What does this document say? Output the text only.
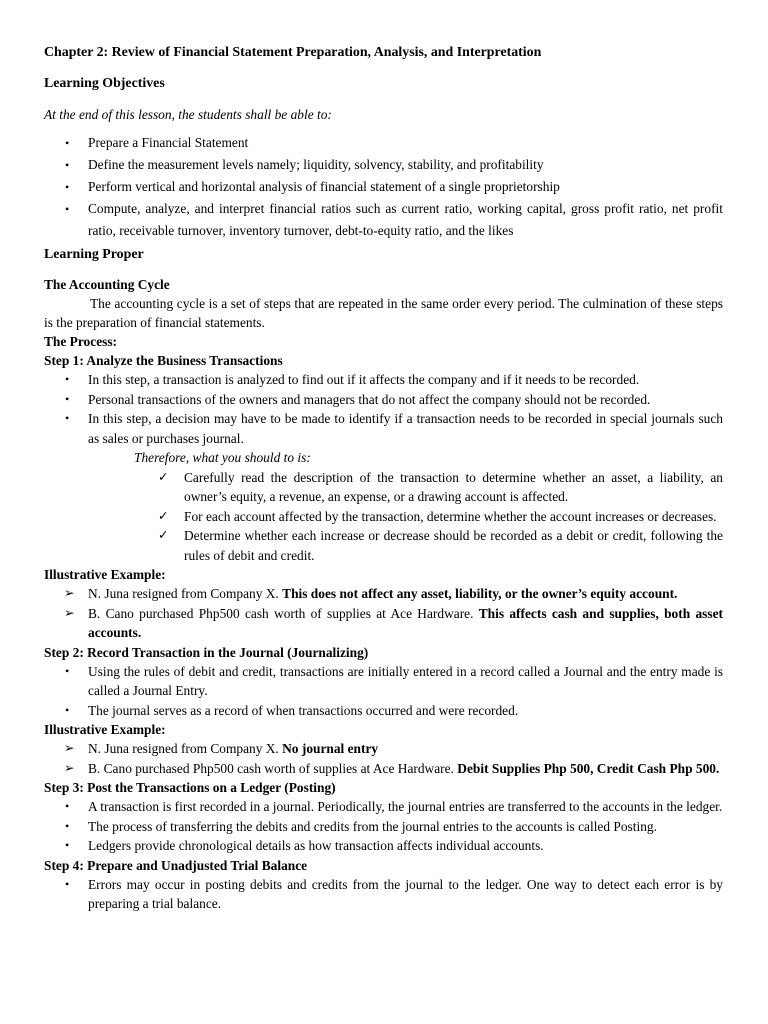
Chapter 2: Review of Financial Statement Preparation, Analysis, and Interpretation

Learning Objectives

At the end of this lesson, the students shall be able to:

• Prepare a Financial Statement
• Define the measurement levels namely; liquidity, solvency, stability, and profitability
• Perform vertical and horizontal analysis of financial statement of a single proprietorship
• Compute, analyze, and interpret financial ratios such as current ratio, working capital, gross profit ratio, net profit ratio, receivable turnover, inventory turnover, debt-to-equity ratio, and the likes

Learning Proper

The Accounting Cycle

The accounting cycle is a set of steps that are repeated in the same order every period. The culmination of these steps is the preparation of financial statements.

The Process:

Step 1: Analyze the Business Transactions

• In this step, a transaction is analyzed to find out if it affects the company and if it needs to be recorded.
• Personal transactions of the owners and managers that do not affect the company should not be recorded.
• In this step, a decision may have to be made to identify if a transaction needs to be recorded in special journals such as sales or purchases journal.

Therefore, what you should to is:

✓ Carefully read the description of the transaction to determine whether an asset, a liability, an owner’s equity, a revenue, an expense, or a drawing account is affected.
✓ For each account affected by the transaction, determine whether the account increases or decreases.
✓ Determine whether each increase or decrease should be recorded as a debit or credit, following the rules of debit and credit.

Illustrative Example:

➢ N. Juna resigned from Company X. This does not affect any asset, liability, or the owner’s equity account.
➢ B. Cano purchased Php500 cash worth of supplies at Ace Hardware. This affects cash and supplies, both asset accounts.

Step 2: Record Transaction in the Journal (Journalizing)

• Using the rules of debit and credit, transactions are initially entered in a record called a Journal and the entry made is called a Journal Entry.
• The journal serves as a record of when transactions occurred and were recorded.

Illustrative Example:

➢ N. Juna resigned from Company X. No journal entry
➢ B. Cano purchased Php500 cash worth of supplies at Ace Hardware. Debit Supplies Php 500, Credit Cash Php 500.

Step 3: Post the Transactions on a Ledger (Posting)

• A transaction is first recorded in a journal. Periodically, the journal entries are transferred to the accounts in the ledger.
• The process of transferring the debits and credits from the journal entries to the accounts is called Posting.
• Ledgers provide chronological details as how transaction affects individual accounts.

Step 4: Prepare and Unadjusted Trial Balance

• Errors may occur in posting debits and credits from the journal to the ledger. One way to detect each error is by preparing a trial balance.
